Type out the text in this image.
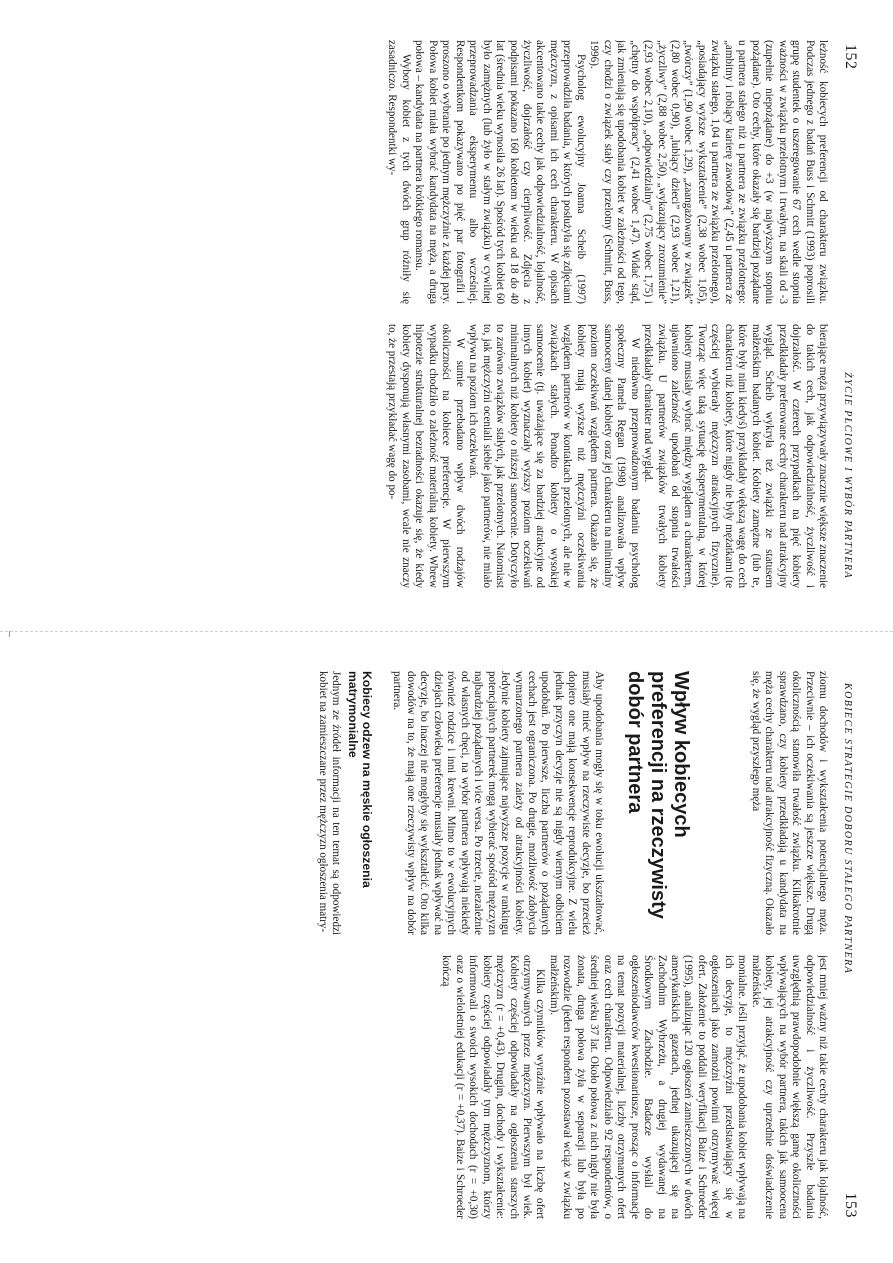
152
ŻYCIE PŁCIOWE I WYBÓR PARTNERA

leżność kobiecych preferencji od charakteru związku. Podczas jednego z badań Buss i Schmitt (1993) poprosili grupę studentek o uszeregowanie 67 cech wedle stopnia ważności w związku przelotnym i trwałym, na skali od -3 (zupełnie niepożądane) do +3 (w najwyższym stopniu pożądane). Oto cechy, które okazały się bardziej pożądane u partnera stałego niż u partnera ze związku przelotnego: „ambitny i robiący karierę zawodową” (2,45 u partnera ze związku stałego, 1,04 u partnera ze związku przelotnego), „posiadający wyższe wykształcenie” (2,38 wobec 1,05), „twórczy” (1,90 wobec 1,29), „zaangażowany w związek” (2,80 wobec 0,90), „lubiący dzieci” (2,93 wobec 1,21), „życzliwy” (2,88 wobec 2,50), „wykazujący zrozumienie” (2,93 wobec 2,10), „odpowiedzialny” (2,75 wobec 1,75) i „chętny do współpracy” (2,41 wobec 1,47). Widać stąd, jak zmieniają się upodobania kobiet w zależności od tego, czy chodzi o związek stały czy przelotny (Schmitt, Buss, 1996).

Psycholog ewolucyjny Joanna Scheib (1997) przeprowadziła badania, w których posłużyła się zdjęciami mężczyzn, z opisami ich cech charakteru. W opisach akcentowano takie cechy jak odpowiedzialność, lojalność, życzliwość, dojrzałość czy cierpliwość. Zdjęcia z podpisami pokazano 160 kobietom w wieku od 18 do 40 lat (średnia wieku wynosiła 26 lat). Spośród tych kobiet 60 było zamężnych (lub żyło w stałym związku) w cywilnej przeprowadzania eksperymentu albo wcześniej. Respondentkom pokazywano po pięć par fotografii i proszono o wybranie po jednym mężczyźnie z każdej pary. Połowa kobiet miała wybrać kandydata na męża, a druga połowa – kandydata na partnera krótkiego romansu.

Wybory kobiet z tych dwóch grup różniły się zasadniczo. Respondentki wy-

bierające męża przywiązywały znacznie większe znaczenie do takich cech, jak odpowiedzialność, życzliwość i dojrzałość. W czterech przypadkach na pięć kobiety przedkładały preferowane cechy charakteru nad atrakcyjny wygląd. Scheib wykryła też związki ze statusem małżeńskim badanych kobiet. Kobiety zamężne (lub te, które były nimi kiedyś) przykładały większą wagę do cech charakteru niż kobiety, które nigdy nie były mężatkami (te częściej wybierały mężczyzn atrakcyjnych fizycznie). Tworząc więc taką sytuację eksperymentalną, w której kobiety musiały wybrać między wyglądem a charakterem, ujawniono zależność upodobań od stopnia trwałości związku. U partnerów związków trwałych kobiety przedkładały charakter nad wygląd.

W niedawno przeprowadzonym badaniu psycholog społeczny Pamela Regan (1998) analizowała wpływ samooceny danej kobiety oraz jej charakteru na minimalny poziom oczekiwań względem partnera. Okazało się, że kobiety mają wyższe niż mężczyźni oczekiwania względem partnerów w kontaktach przelotnych, ale nie w związkach stałych. Ponadto kobiety o wysokiej samoocenie (tj. uważające się za bardziej atrakcyjne od innych kobiet) wyznaczały wyższy poziom oczekiwań minimalnych niż kobiety o niższej samoocenie. Dotyczyło to zarówno związków stałych, jak przelotnych. Natomiast to, jak mężczyźni oceniali siebie jako partnerów, nie miało wpływu na poziom ich oczekiwań.

W sumie przebadano wpływ dwóch rodzajów okoliczności na kobiece preferencje. W pierwszym wypadku chodziło o zależność materialną kobiety. Wbrew hipotezie strukturalnej bezradności okazuje się, że kiedy kobiety dysponują własnymi zasobami, wcale nie znaczy to, że przestają przykładać wagę do po-

KOBIECE STRATEGIE DOBORU STAŁEGO PARTNERA
153

ziomu dochodów i wykształcenia potencjalnego męża. Przeciwnie – ich oczekiwania są jeszcze większe. Drugą okolicznością stanowiła trwałość związku. Kilkakrotnie sprawdzano, czy kobiety przedkładają u kandydata na męża cechy charakteru nad atrakcyjność fizyczną. Okazało się, że wygląd przyszłego męża

Wpływ kobiecych preferencji na rzeczywisty dobór partnera

Aby upodobania mogły się w toku ewolucji ukształtować, musiały mieć wpływ na rzeczywiste decyzje, bo przecież dopiero one mają konsekwencje reprodukcyjne. Z wielu jednak przyczyn decyzje nie są nigdy wiernym odbiciem upodobań. Po pierwsze, liczba partnerów o pożądanych cechach jest ograniczona. Po drugie, możliwość zdobycia wymarzonego partnera zależy od atrakcyjności kobiety. Jedynie kobiety zajmujące najwyższe pozycje w rankingu potencjalnych partnerek mogą wybierać spośród mężczyzn najbardziej pożądanych i vice versa. Po trzecie, niezależnie od własnych chęci, na wybór partnera wpływają niekiedy również rodzice i inni krewni. Mimo to w ewolucyjnych dziejach człowieka preferencje musiały jednak wpływać na decyzje, bo inaczej nie mogłyby się wykształcić. Oto kilka dowodów na to, że mają one rzeczywisty wpływ na dobór partnera.

Kobiecy odzew na męskie ogłoszenia matrymonialne

Jednym ze źródeł informacji na ten temat są odpowiedzi kobiet na zamieszczane przez mężczyzn ogłoszenia matry-

jest mniej ważny niż takie cechy charakteru jak lojalność, odpowiedzialność i życzliwość. Przyszłe badania uwzględnią prawdopodobnie większą gamę okoliczności wpływających na wybór partnera, takich jak samoocena kobiety, jej atrakcyjność czy uprzednie doświadczenie małżeńskie.

monialne. Jeśli przyjąć, że upodobania kobiet wpływają na ich decyzje, to mężczyźni przedstawiający się w ogłoszeniach jako zamożni powinni otrzymywać więcej ofert. Założenie to poddali weryfikacji Baize i Schroeder (1995), analizując 120 ogłoszeń zamieszczonych w dwóch amerykańskich gazetach, jednej ukazującej się na Zachodnim Wybrzeżu, a drugiej wydawanej na Środkowym Zachodzie. Badacze wysłali do ogłoszeniodawców kwestionariusze, prosząc o informacje na temat pozycji materialnej, liczby otrzymanych ofert oraz cech charakteru. Odpowiedziało 92 respondentów, o średniej wieku 37 lat. Około połowa z nich nigdy nie była żonata, druga połowa żyła w separacji lub była po rozwodzie (jeden respondent pozostawał wciąż w związku małżeńskim).

Kilka czynników wyraźnie wpływało na liczbę ofert otrzymywanych przez mężczyzn. Pierwszym był wiek. Kobiety częściej odpowiadały na ogłoszenia starszych mężczyzn (r = +0,43). Drugim, dochody i wykształcenie: kobiety częściej odpowiadały tym mężczyznom, którzy informowali o swoich wysokich dochodach (r = +0,30) oraz o wieloletniej edukacji (r = +0,37). Baize i Schroeder kończą
